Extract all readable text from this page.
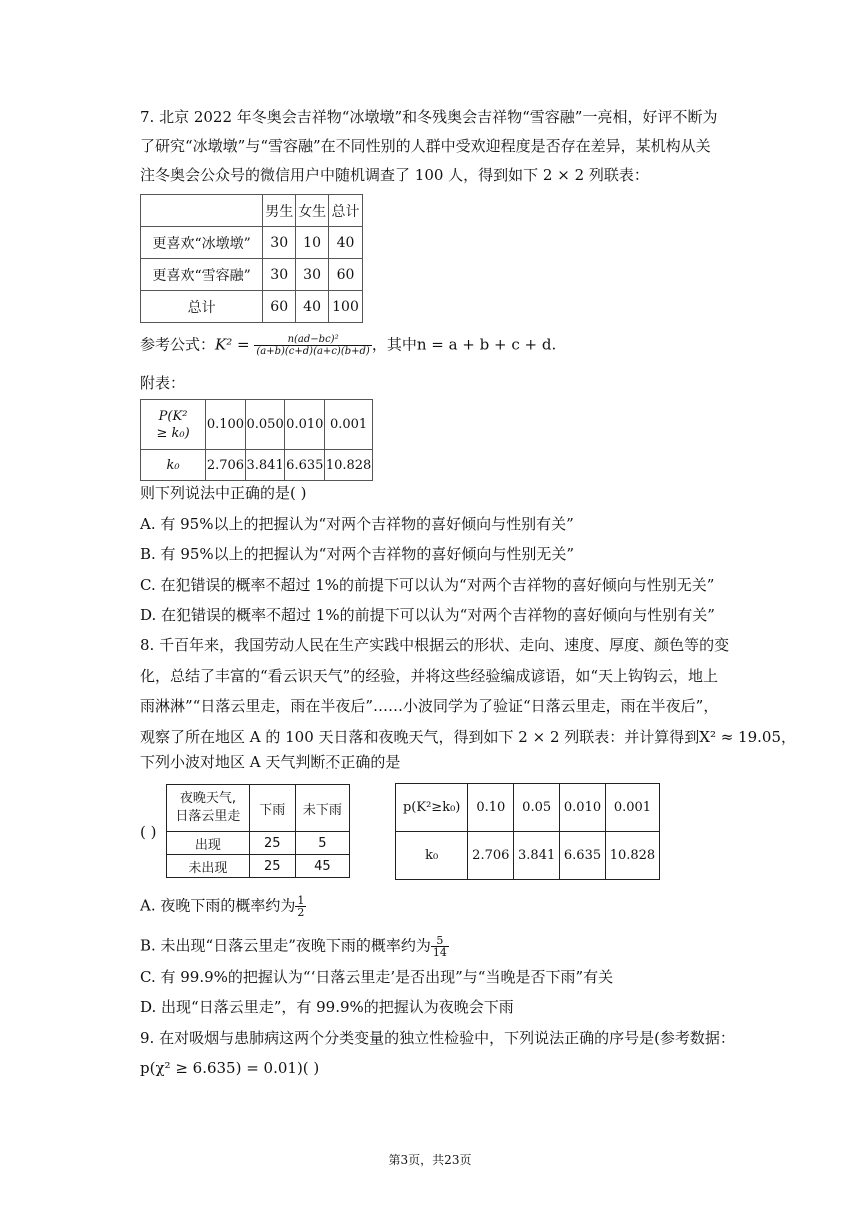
7. 北京 2022 年冬奥会吉祥物“冰墩墩”和冬残奥会吉祥物“雪容融”一亮相，好评不断为
了研究“冰墩墩”与“雪容融”在不同性别的人群中受欢迎程度是否存在差异，某机构从关
注冬奥会公众号的微信用户中随机调查了 100 人，得到如下 2 × 2 列联表：
	男生	女生	总计
更喜欢“冰墩墩”	30	10	40
更喜欢“雪容融”	30	30	60
总计	60	40	100
参考公式：$K^2 = \frac{\text{n(ad−bc)²}}{(a+b)(c+d)(a+c)(b+d)}$ ，其中n = a + b + c + d.
附表：
P(K²
≥ k₀)	0.100	0.050	0.010	0.001
k₀	2.706	3.841	6.635	10.828
则下列说法中正确的是( )
A. 有 95%以上的把握认为“对两个吉祥物的喜好倾向与性别有关”
B. 有 95%以上的把握认为“对两个吉祥物的喜好倾向与性别无关”
C. 在犯错误的概率不超过 1%的前提下可以认为“对两个吉祥物的喜好倾向与性别无关”
D. 在犯错误的概率不超过 1%的前提下可以认为“对两个吉祥物的喜好倾向与性别有关”
8. 千百年来，我国劳动人民在生产实践中根据云的形状、走向、速度、厚度、颜色等的变
化，总结了丰富的“看云识天气”的经验，并将这些经验编成谚语，如“天上钩钩云，地上
雨淋淋”“日落云里走，雨在半夜后”……小波同学为了验证“日落云里走，雨在半夜后”，
观察了所在地区 A 的 100 天日落和夜晚天气，得到如下 2 × 2 列联表：并计算得到X² ≈ 19.05，
下列小波对地区 A 天气判断不正确 · · ·的是
( )
夜晚天气,
日落云里走	下雨	未下雨
出现	25	5
未出现	25	45
p(K²≥k₀)	0.10	0.05	0.010	0.001
k₀	2.706	3.841	6.635	10.828
A. 夜晚下雨的概率约为 $\frac{1}{2}$
B. 未出现“日落云里走”夜晚下雨的概率约为 $\frac{5}{14}$
C. 有 99.9%的把握认为“‘日落云里走’是否出现”与“当晚是否下雨”有关
D. 出现“日落云里走”，有 99.9%的把握认为夜晚会下雨
9. 在对吸烟与患肺病这两个分类变量的独立性检验中，下列说法正确的序号是(参考数据：
p(χ² ≥ 6.635) = 0.01)( )
第3页，共23页
